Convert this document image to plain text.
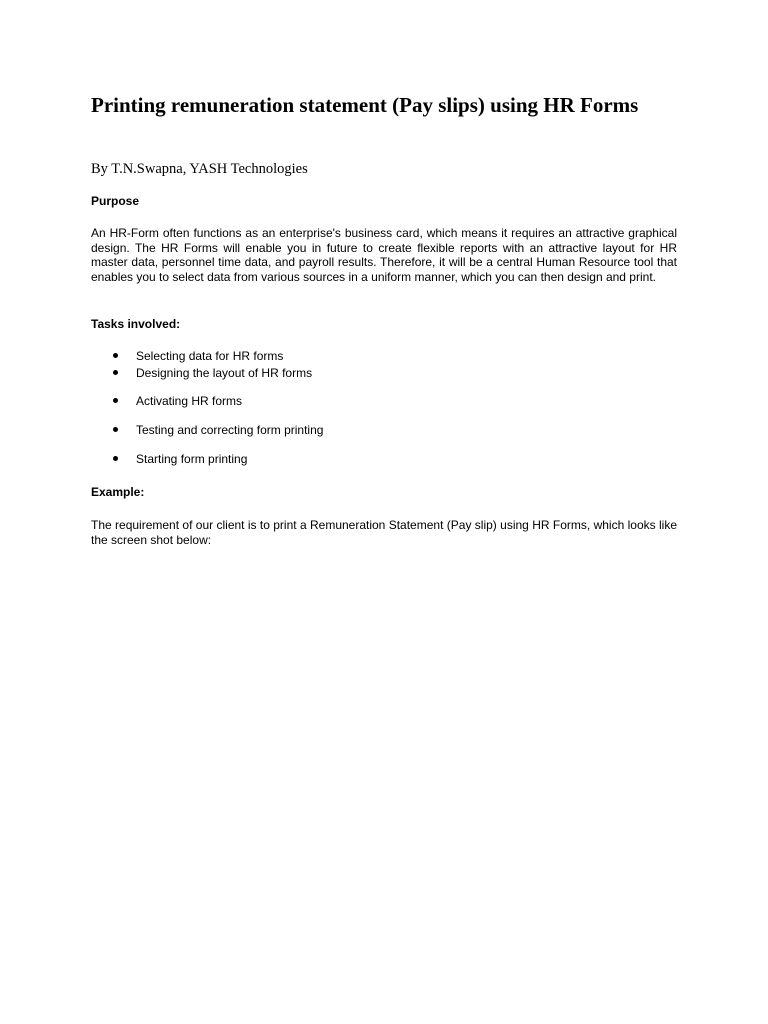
Printing remuneration statement (Pay slips) using HR Forms

By T.N.Swapna, YASH Technologies

Purpose

An HR-Form often functions as an enterprise's business card, which means it requires an attractive graphical design. The HR Forms will enable you in future to create flexible reports with an attractive layout for HR master data, personnel time data, and payroll results. Therefore, it will be a central Human Resource tool that enables you to select data from various sources in a uniform manner, which you can then design and print.

Tasks involved:

Selecting data for HR forms
Designing the layout of HR forms
Activating HR forms
Testing and correcting form printing
Starting form printing

Example:

The requirement of our client is to print a Remuneration Statement (Pay slip) using HR Forms, which looks like the screen shot below:
